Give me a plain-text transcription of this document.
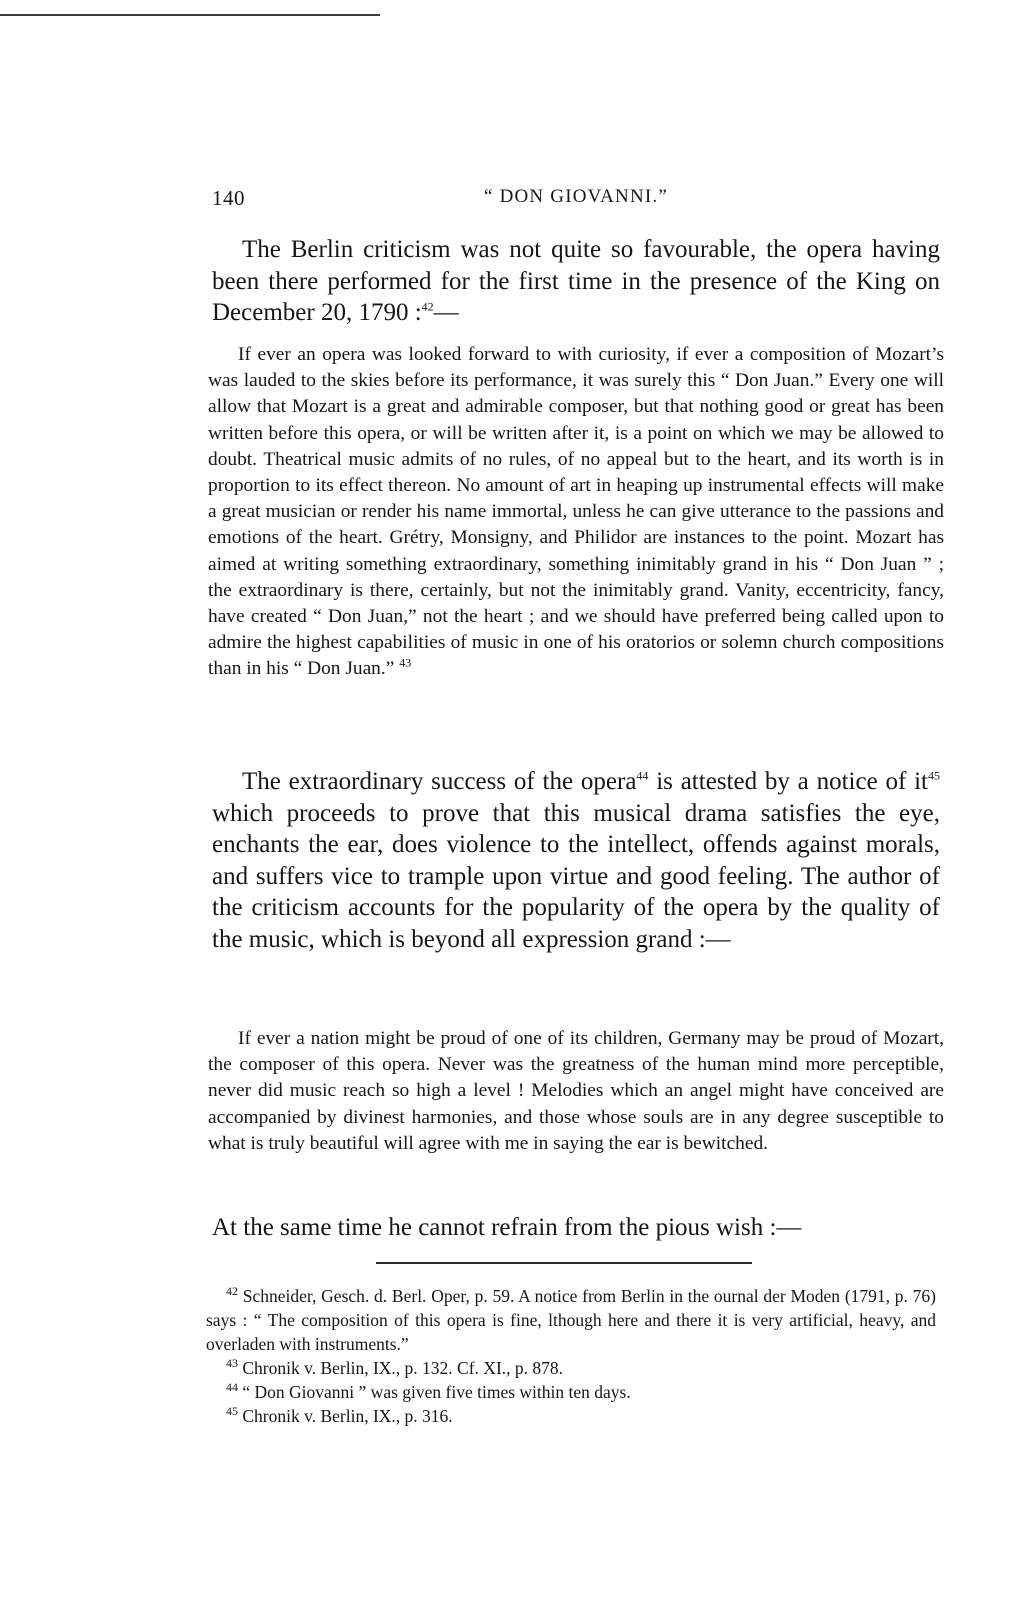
140	“ DON GIOVANNI.”

The Berlin criticism was not quite so favourable, the opera having been there performed for the first time in the presence of the King on December 20, 1790 :$^{42}$—

If ever an opera was looked forward to with curiosity, if ever a composition of Mozart’s was lauded to the skies before its performance, it was surely this “ Don Juan.” Every one will allow that Mozart is a great and admirable composer, but that nothing good or great has been written before this opera, or will be written after it, is a point on which we may be allowed to doubt. Theatrical music admits of no rules, of no appeal but to the heart, and its worth is in proportion to its effect thereon. No amount of art in heaping up instrumental effects will make a great musician or render his name immortal, unless he can give utterance to the passions and emotions of the heart. Grétry, Monsigny, and Philidor are instances to the point. Mozart has aimed at writing something extraordinary, something inimitably grand in his “ Don Juan ” ; the extraordinary is there, certainly, but not the inimitably grand. Vanity, eccentricity, fancy, have created “ Don Juan,” not the heart ; and we should have preferred being called upon to admire the highest capabilities of music in one of his oratorios or solemn church compositions than in his “ Don Juan.” $^{43}$

The extraordinary success of the opera$^{44}$ is attested by a notice of it$^{45}$ which proceeds to prove that this musical drama satisfies the eye, enchants the ear, does violence to the intellect, offends against morals, and suffers vice to trample upon virtue and good feeling. The author of the criticism accounts for the popularity of the opera by the quality of the music, which is beyond all expression grand :—

If ever a nation might be proud of one of its children, Germany may be proud of Mozart, the composer of this opera. Never was the greatness of the human mind more perceptible, never did music reach so high a level ! Melodies which an angel might have conceived are accompanied by divinest harmonies, and those whose souls are in any degree susceptible to what is truly beautiful will agree with me in saying the ear is bewitched.

At the same time he cannot refrain from the pious wish :—

$^{42}$ Schneider, Gesch. d. Berl. Oper, p. 59. A notice from Berlin in the ournal der Moden (1791, p. 76) says : “ The composition of this opera is fine, lthough here and there it is very artificial, heavy, and overladen with instruments.”

$^{43}$ Chronik v. Berlin, IX., p. 132. Cf. XI., p. 878.

$^{44}$ “ Don Giovanni ” was given five times within ten days.

$^{45}$ Chronik v. Berlin, IX., p. 316.
